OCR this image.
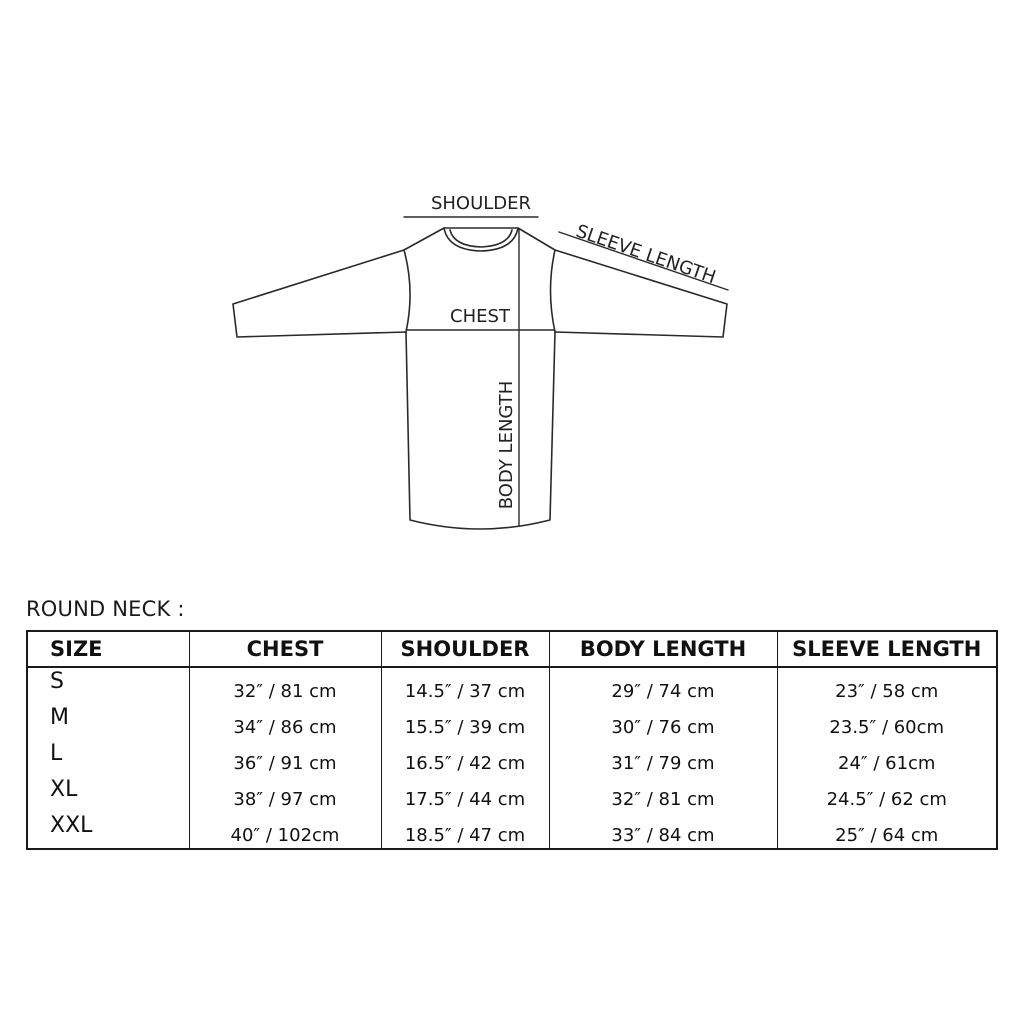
SHOULDER
SLEEVE LENGTH
CHEST
BODY LENGTH
ROUND NECK :
SIZE	CHEST	SHOULDER	BODY LENGTH	SLEEVE LENGTH
S	32″ / 81 cm	14.5″ / 37 cm	29″ / 74 cm	23″ / 58 cm
M	34″ / 86 cm	15.5″ / 39 cm	30″ / 76 cm	23.5″ / 60cm
L	36″ / 91 cm	16.5″ / 42 cm	31″ / 79 cm	24″ / 61cm
XL	38″ / 97 cm	17.5″ / 44 cm	32″ / 81 cm	24.5″ / 62 cm
XXL	40″ / 102cm	18.5″ / 47 cm	33″ / 84 cm	25″ / 64 cm
